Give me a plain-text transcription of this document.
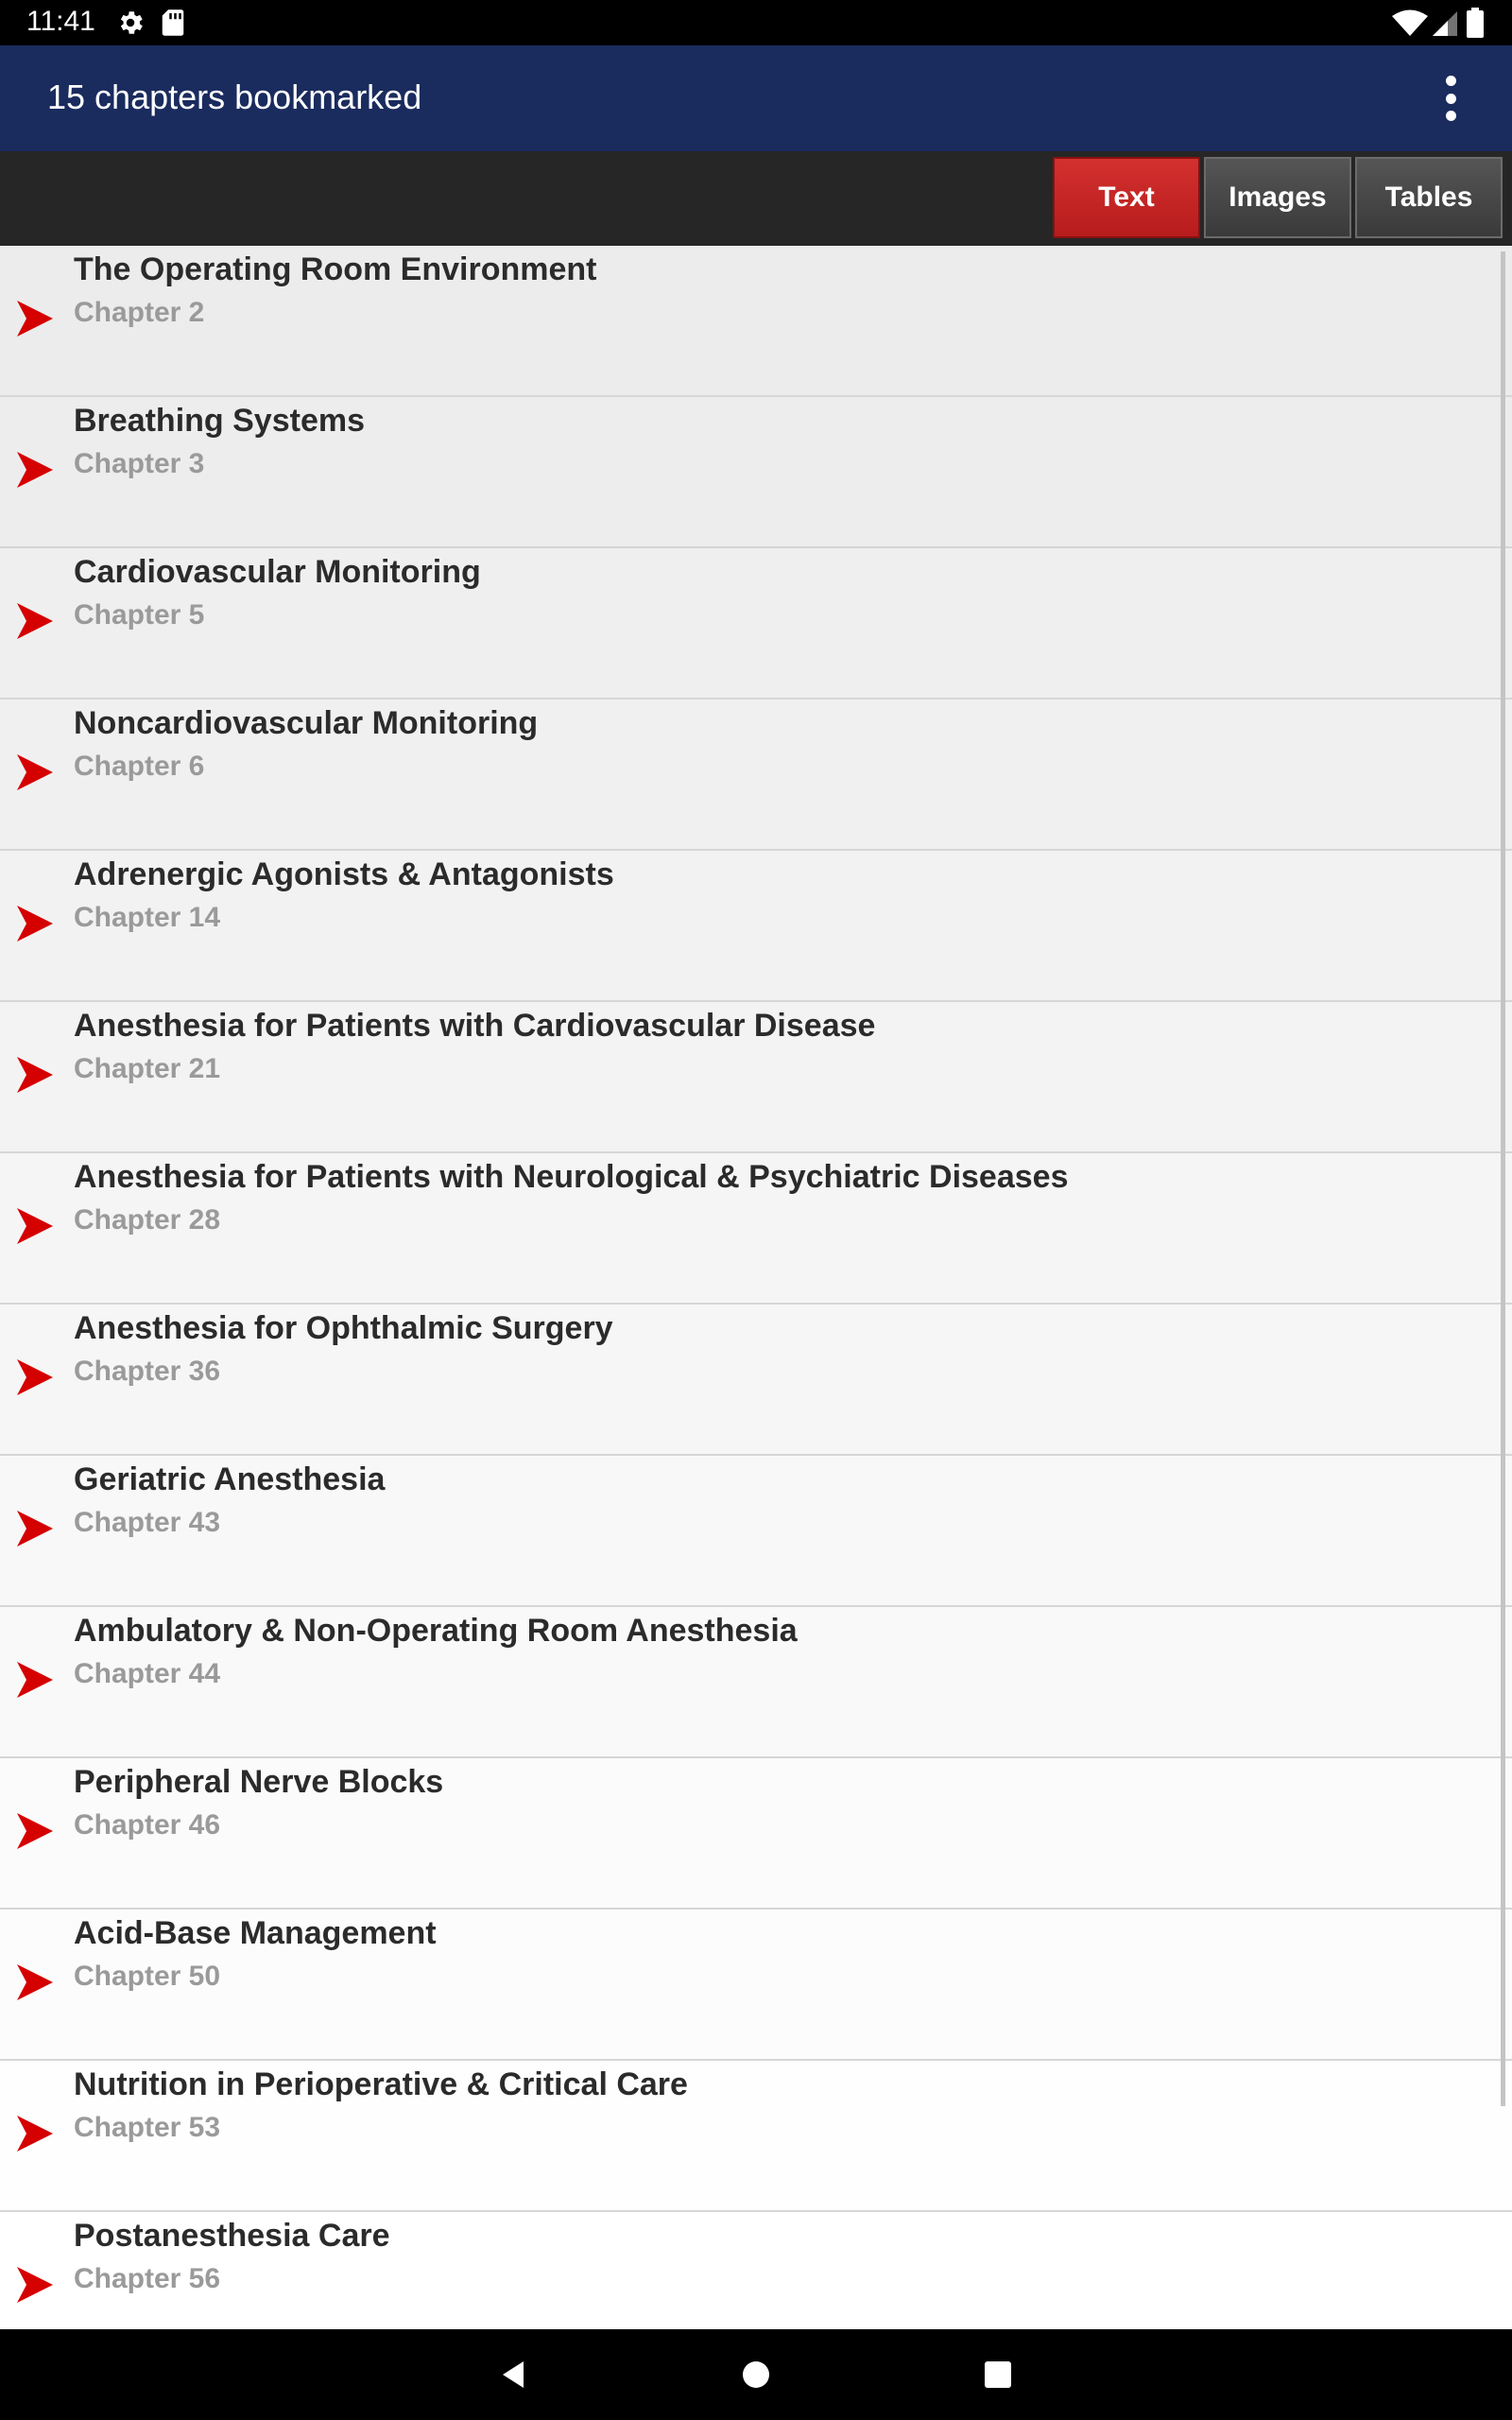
11:41
15 chapters bookmarked
Text	Images	Tables
The Operating Room Environment
Chapter 2
Breathing Systems
Chapter 3
Cardiovascular Monitoring
Chapter 5
Noncardiovascular Monitoring
Chapter 6
Adrenergic Agonists & Antagonists
Chapter 14
Anesthesia for Patients with Cardiovascular Disease
Chapter 21
Anesthesia for Patients with Neurological & Psychiatric Diseases
Chapter 28
Anesthesia for Ophthalmic Surgery
Chapter 36
Geriatric Anesthesia
Chapter 43
Ambulatory & Non-Operating Room Anesthesia
Chapter 44
Peripheral Nerve Blocks
Chapter 46
Acid-Base Management
Chapter 50
Nutrition in Perioperative & Critical Care
Chapter 53
Postanesthesia Care
Chapter 56
